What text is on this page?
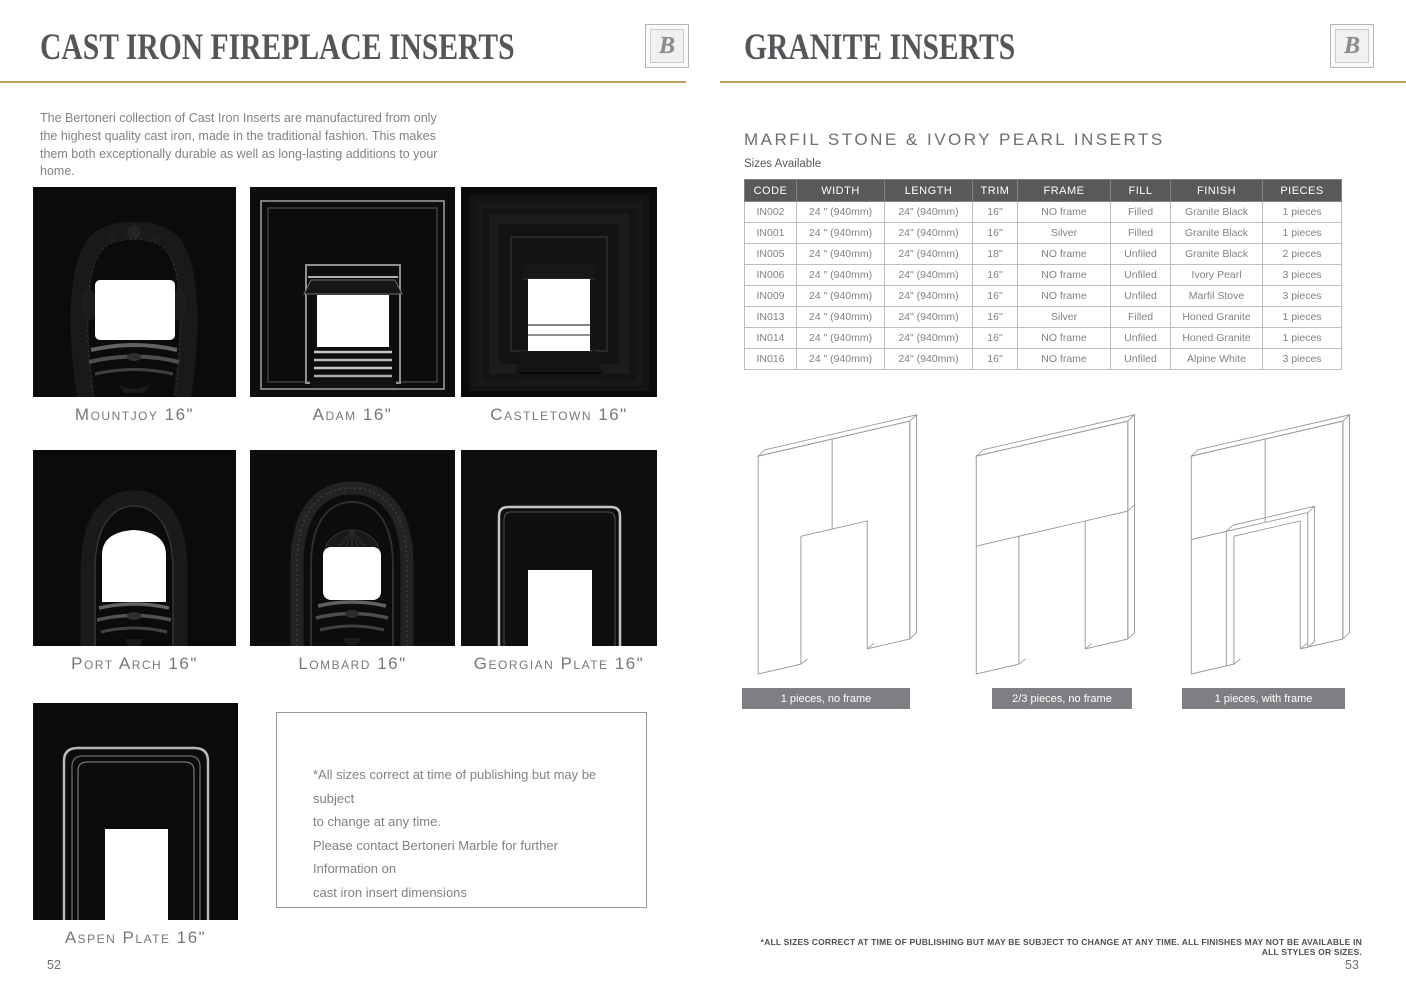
CAST IRON FIREPLACE INSERTS	B

The Bertoneri collection of Cast Iron Inserts are manufactured from only the highest quality cast iron, made in the traditional fashion. This makes them both exceptionally durable as well as long-lasting additions to your home.

Mountjoy 16"	Adam 16"	Castletown 16"
Port Arch 16"	Lombard 16"	Georgian Plate 16"
Aspen Plate 16"

*All sizes correct at time of publishing but may be subject

to change at any time.

Please contact Bertoneri Marble for further Information on

cast iron insert dimensions

52
GRANITE INSERTS	B
MARFIL STONE & IVORY PEARL INSERTS
Sizes Available
CODE	WIDTH	LENGTH	TRIM	FRAME	FILL	FINISH	PIECES
IN002	24 " (940mm)	24" (940mm)	16"	NO frame	Filled	Granite Black	1 pieces
IN001	24 " (940mm)	24" (940mm)	16"	Silver	Filled	Granite Black	1 pieces
IN005	24 " (940mm)	24" (940mm)	18"	NO frame	Unfiled	Granite Black	2 pieces
IN006	24 " (940mm)	24" (940mm)	16"	NO frame	Unfiled	Ivory Pearl	3 pieces
IN009	24 " (940mm)	24" (940mm)	16"	NO frame	Unfiled	Marfil Stove	3 pieces
IN013	24 " (940mm)	24" (940mm)	16"	Silver	Filled	Honed Granite	1 pieces
IN014	24 " (940mm)	24" (940mm)	16"	NO frame	Unfiled	Honed Granite	1 pieces
IN016	24 " (940mm)	24" (940mm)	16"	NO frame	Unfiled	Alpine White	3 pieces
1 pieces, no frame	2/3 pieces, no frame	1 pieces, with frame
*ALL SIZES CORRECT AT TIME OF PUBLISHING BUT MAY BE SUBJECT TO CHANGE AT ANY TIME. ALL FINISHES MAY NOT BE AVAILABLE IN ALL STYLES OR SIZES.
53
